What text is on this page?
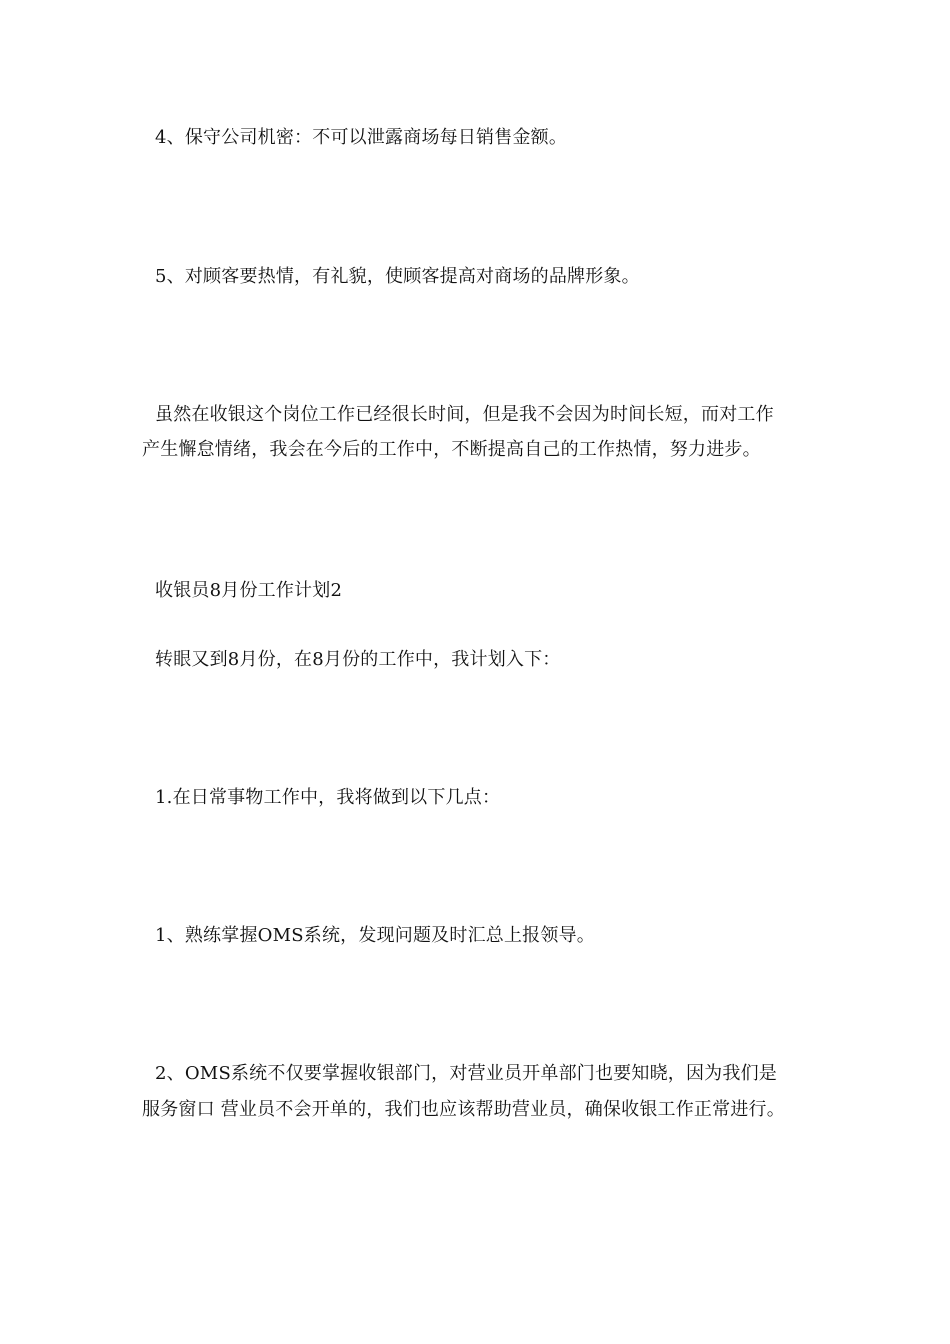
4、保守公司机密：不可以泄露商场每日销售金额。

5、对顾客要热情，有礼貌，使顾客提高对商场的品牌形象。

虽然在收银这个岗位工作已经很长时间，但是我不会因为时间长短，而对工作

产生懈怠情绪，我会在今后的工作中，不断提高自己的工作热情，努力进步。

收银员8月份工作计划2

转眼又到8月份，在8月份的工作中，我计划入下：

1.在日常事物工作中，我将做到以下几点：

1、熟练掌握OMS系统，发现问题及时汇总上报领导。

2、OMS系统不仅要掌握收银部门，对营业员开单部门也要知晓，因为我们是

服务窗口 营业员不会开单的，我们也应该帮助营业员，确保收银工作正常进行。
